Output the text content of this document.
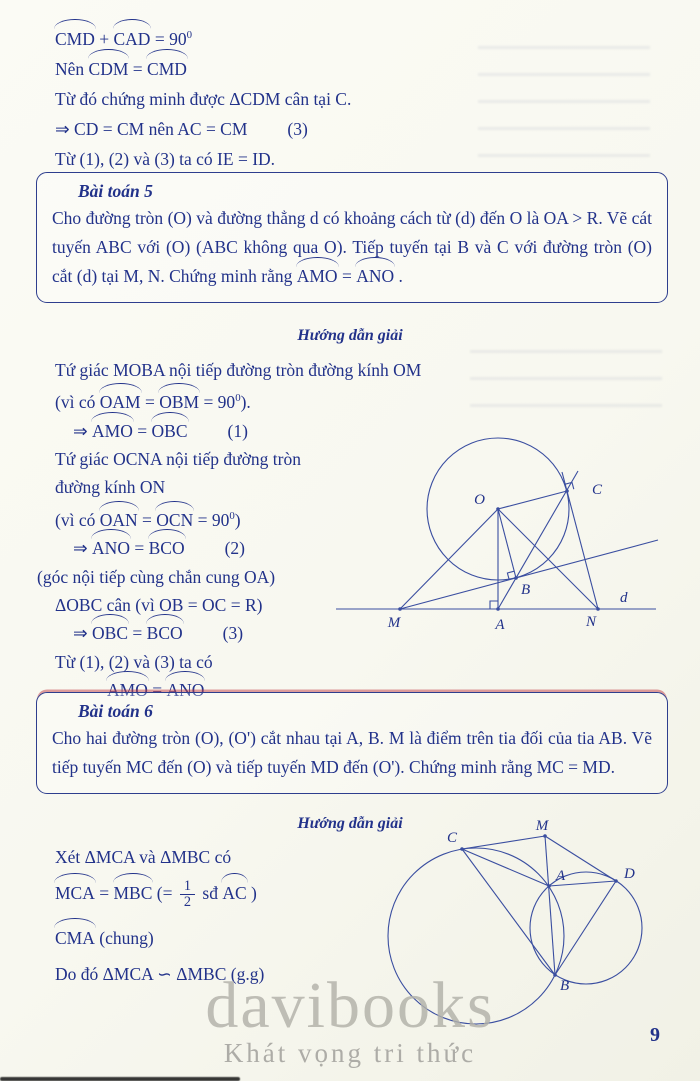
CMD + CAD = $90^0$

Nên CDM = CMD

Từ đó chứng minh được ΔCDM cân tại C.

⇒ CD = CM nên AC = CM (3)

Từ (1), (2) và (3) ta có IE = ID.

Bài toán 5

Cho đường tròn (O) và đường thẳng d có khoảng cách từ (d) đến O là OA > R. Vẽ cát tuyến ABC với (O) (ABC không qua O). Tiếp tuyến tại B và C với đường tròn (O) cắt (d) tại M, N. Chứng minh rằng AMO = ANO .

Hướng dẫn giải

Tứ giác MOBA nội tiếp đường tròn đường kính OM

(vì có OAM = OBM = $90^0$).

⇒ AMO = OBC (1)

Tứ giác OCNA nội tiếp đường tròn

đường kính ON

(vì có OAN = OCN = $90^0$)

⇒ ANO = BCO (2)

(góc nội tiếp cùng chắn cung OA)

ΔOBC cân (vì OB = OC = R)

⇒ OBC = BCO (3)

Từ (1), (2) và (3) ta có

AMO = ANO

O
C
B	d
M	A	N

Bài toán 6

Cho hai đường tròn (O), (O') cắt nhau tại A, B. M là điểm trên tia đối của tia AB. Vẽ tiếp tuyến MC đến (O) và tiếp tuyến MD đến (O'). Chứng minh rằng MC = MD.

Hướng dẫn giải

Xét ΔMCA và ΔMBC có

MCA = MBC (= $\frac{1}{2}$ sđ AC )

CMA (chung)

Do đó ΔMCA ∽ ΔMBC (g.g)

C
M
A	D
B
davibooks
Khát vọng tri thức
9
